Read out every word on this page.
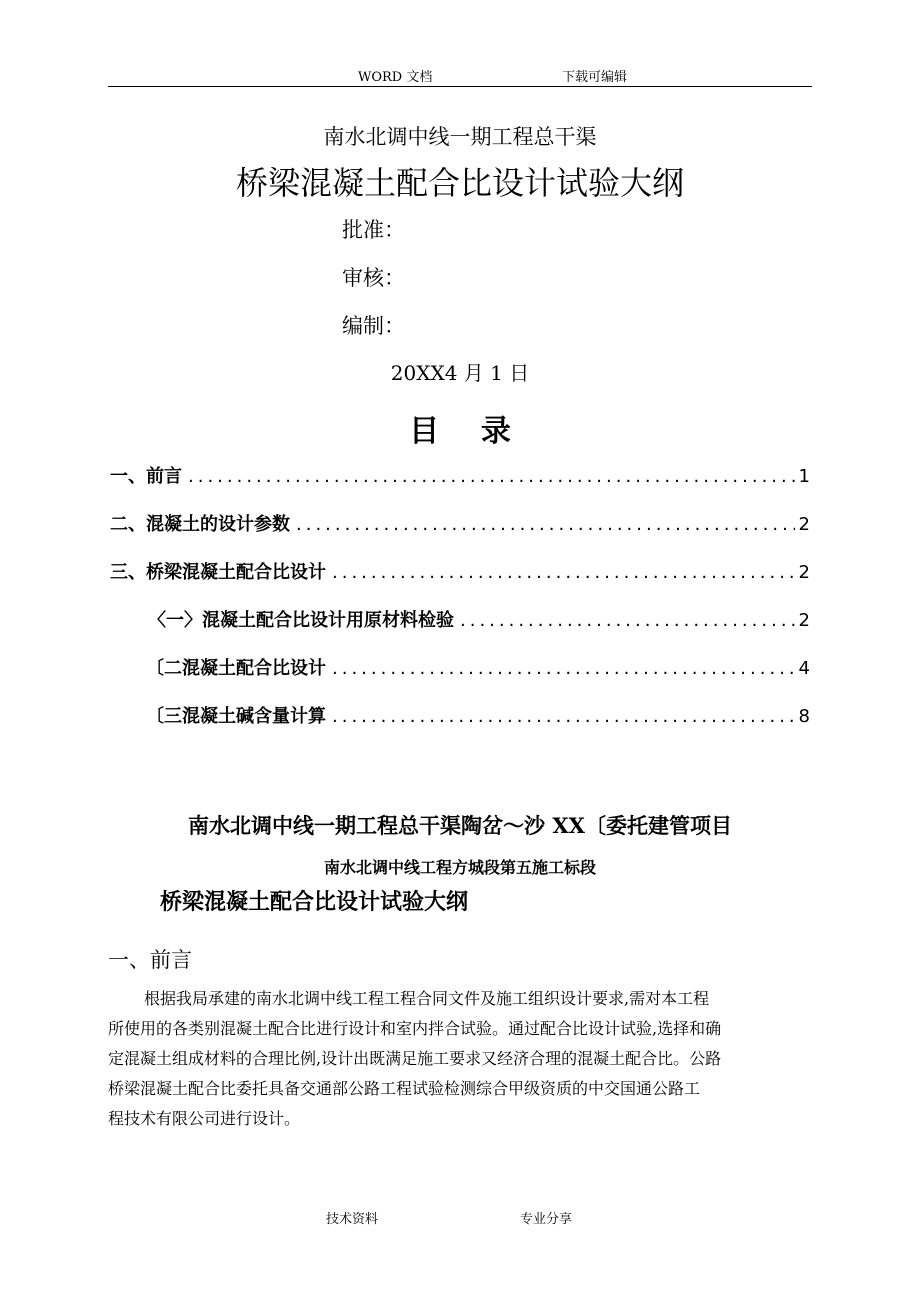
WORD 文档	下载可编辑
南水北调中线一期工程总干渠
桥梁混凝土配合比设计试验大纲
批准：
审核：
编制：
20XX4 月 1 日
目    录
一、前言 .....	1
二、混凝土的设计参数 .....	2
三、桥梁混凝土配合比设计 .....	2
〈一〉混凝土配合比设计用原材料检验 .....	2
〔二混凝土配合比设计 .....	4
〔三混凝土碱含量计算 .....	8
南水北调中线一期工程总干渠陶岔～沙 XX〔委托建管项目
南水北调中线工程方城段第五施工标段
桥梁混凝土配合比设计试验大纲
一、前言
根据我局承建的南水北调中线工程工程合同文件及施工组织设计要求,需对本工程
所使用的各类别混凝土配合比进行设计和室内拌合试验。通过配合比设计试验,选择和确
定混凝土组成材料的合理比例,设计出既满足施工要求又经济合理的混凝土配合比。公路
桥梁混凝土配合比委托具备交通部公路工程试验检测综合甲级资质的中交国通公路工
程技术有限公司进行设计。
技术资料	专业分享
